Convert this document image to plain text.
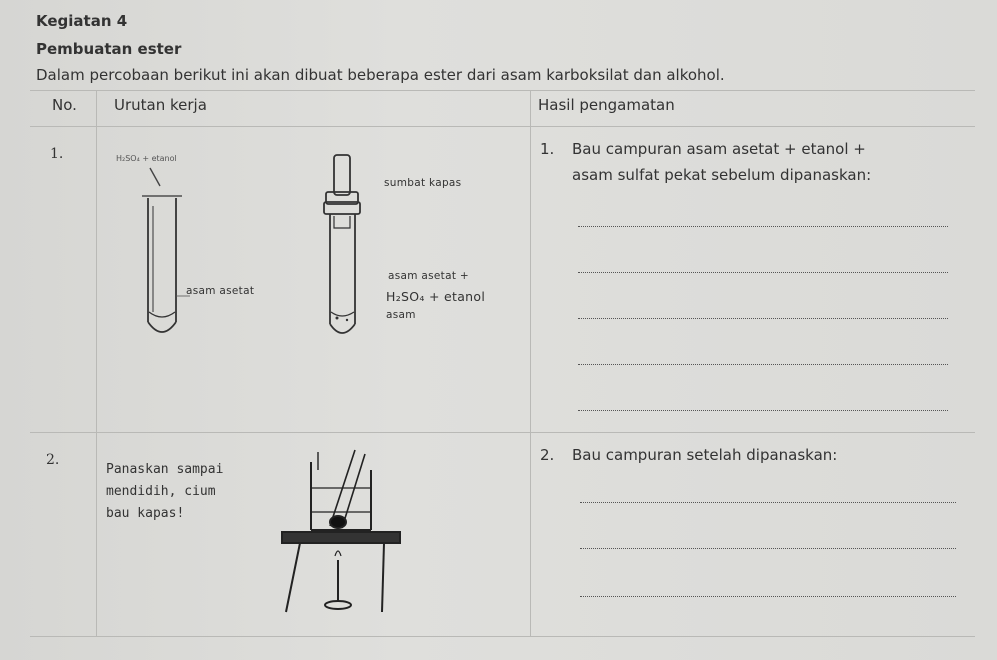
Kegiatan 4
Pembuatan ester
Dalam percobaan berikut ini akan dibuat beberapa ester dari asam karboksilat dan alkohol.
No. Urutan kerja	Hasil pengamatan
1.	H₂SO₄ + etanol
asam asetat
sumbat kapas
asam asetat +
H₂SO₄ + etanol
asam
1. Bau campuran asam asetat + etanol +
asam sulfat pekat sebelum dipanaskan:
2.
Panaskan sampai
mendidih, cium
bau kapas!
2. Bau campuran setelah dipanaskan:
